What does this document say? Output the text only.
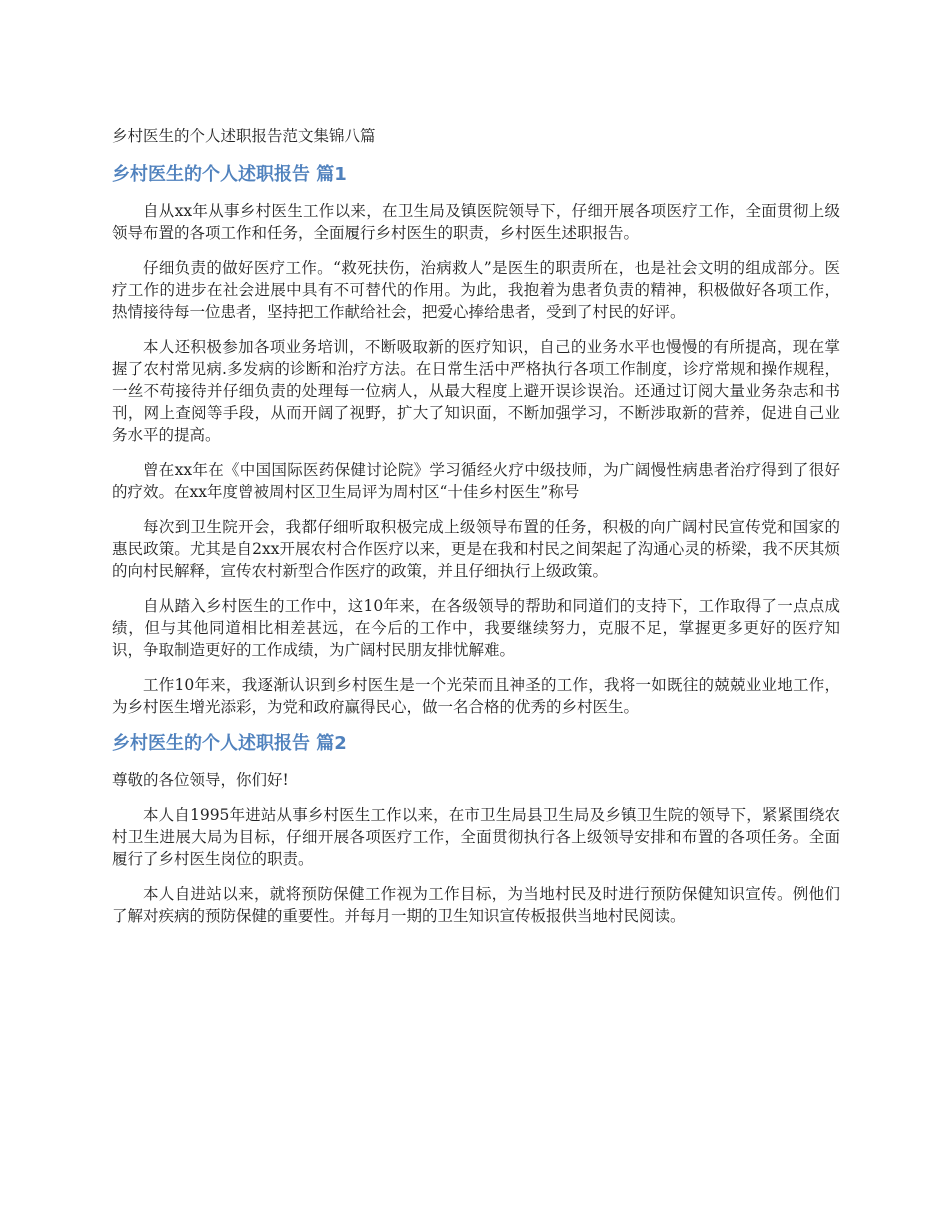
乡村医生的个人述职报告范文集锦八篇
乡村医生的个人述职报告 篇1

自从xx年从事乡村医生工作以来，在卫生局及镇医院领导下，仔细开展各项医疗工作，全面贯彻上级领导布置的各项工作和任务，全面履行乡村医生的职责，乡村医生述职报告。

仔细负责的做好医疗工作。“救死扶伤，治病救人”是医生的职责所在，也是社会文明的组成部分。医疗工作的进步在社会进展中具有不可替代的作用。为此，我抱着为患者负责的精神，积极做好各项工作，热情接待每一位患者，坚持把工作献给社会，把爱心捧给患者，受到了村民的好评。

本人还积极参加各项业务培训，不断吸取新的医疗知识，自己的业务水平也慢慢的有所提高，现在掌握了农村常见病.多发病的诊断和治疗方法。在日常生活中严格执行各项工作制度，诊疗常规和操作规程，一丝不苟接待并仔细负责的处理每一位病人，从最大程度上避开误诊误治。还通过订阅大量业务杂志和书刊，网上查阅等手段，从而开阔了视野，扩大了知识面，不断加强学习，不断涉取新的营养，促进自己业务水平的提高。

曾在xx年在《中国国际医药保健讨论院》学习循经火疗中级技师，为广阔慢性病患者治疗得到了很好的疗效。在xx年度曾被周村区卫生局评为周村区“十佳乡村医生”称号

每次到卫生院开会，我都仔细听取积极完成上级领导布置的任务，积极的向广阔村民宣传党和国家的惠民政策。尤其是自2xx开展农村合作医疗以来，更是在我和村民之间架起了沟通心灵的桥梁，我不厌其烦的向村民解释，宣传农村新型合作医疗的政策，并且仔细执行上级政策。

自从踏入乡村医生的工作中，这10年来，在各级领导的帮助和同道们的支持下，工作取得了一点点成绩，但与其他同道相比相差甚远，在今后的工作中，我要继续努力，克服不足，掌握更多更好的医疗知识，争取制造更好的工作成绩，为广阔村民朋友排忧解难。

工作10年来，我逐渐认识到乡村医生是一个光荣而且神圣的工作，我将一如既往的兢兢业业地工作，为乡村医生增光添彩，为党和政府赢得民心，做一名合格的优秀的乡村医生。

乡村医生的个人述职报告 篇2

尊敬的各位领导，你们好!

本人自1995年进站从事乡村医生工作以来，在市卫生局县卫生局及乡镇卫生院的领导下，紧紧围绕农村卫生进展大局为目标，仔细开展各项医疗工作，全面贯彻执行各上级领导安排和布置的各项任务。全面履行了乡村医生岗位的职责。

本人自进站以来，就将预防保健工作视为工作目标，为当地村民及时进行预防保健知识宣传。例他们了解对疾病的预防保健的重要性。并每月一期的卫生知识宣传板报供当地村民阅读。
